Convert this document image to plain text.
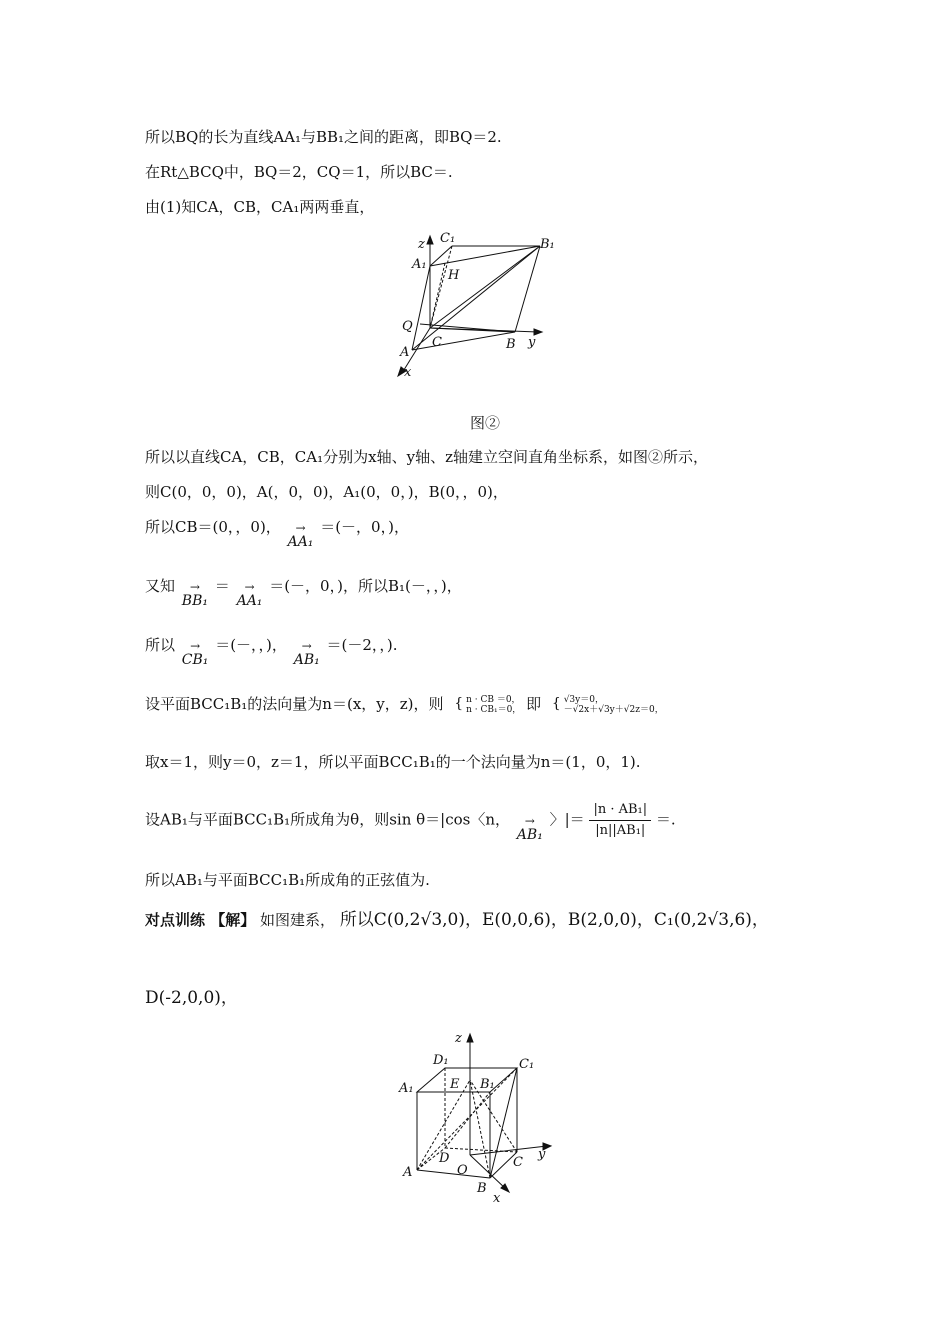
所以BQ的长为直线AA₁与BB₁之间的距离，即BQ＝2.
在Rt△BCQ中，BQ＝2，CQ＝1，所以BC＝.
由(1)知CA，CB，CA₁两两垂直，
z C₁	B₁
A₁
H
Q
C	B y
A
x
图②
所以以直线CA，CB，CA₁分别为x轴、y轴、z轴建立空间直角坐标系，如图②所示，
则C(0，0，0)，A(，0，0)，A₁(0，0，)，B(0，，0)，
所以CB＝(0，，0)，	→
AA₁ ＝(－，0，)，
又知	→
BB₁ ＝	→
AA₁ ＝(－，0，)，所以B₁(－，，)，
所以	→
CB₁ ＝(－，，)，	→
AB₁ ＝(－2，，).
设平面BCC₁B₁的法向量为n＝(x，y，z)，则 { n · CB ＝0，
n · CB₁＝0， 即 { √3y＝0，
－√2x＋√3y＋√2z＝0，
取x＝1，则y＝0，z＝1，所以平面BCC₁B₁的一个法向量为n＝(1，0，1).
设AB₁与平面BCC₁B₁所成角为θ，则sin θ＝|cos〈n，	→
AB₁ 〉|＝ $\frac{\text{|n · AB₁|}}{\text{|n||AB₁|}}$ ＝.
所以AB₁与平面BCC₁B₁所成角的正弦值为.
对点训练 【解】 如图建系， 所以C(0,2√3,0)，E(0,0,6)，B(2,0,0)，C₁(0,2√3,6)，
D(-2,0,0)，
z
D₁	C₁
A₁	E B₁
y
D	C
A	O
B
x
